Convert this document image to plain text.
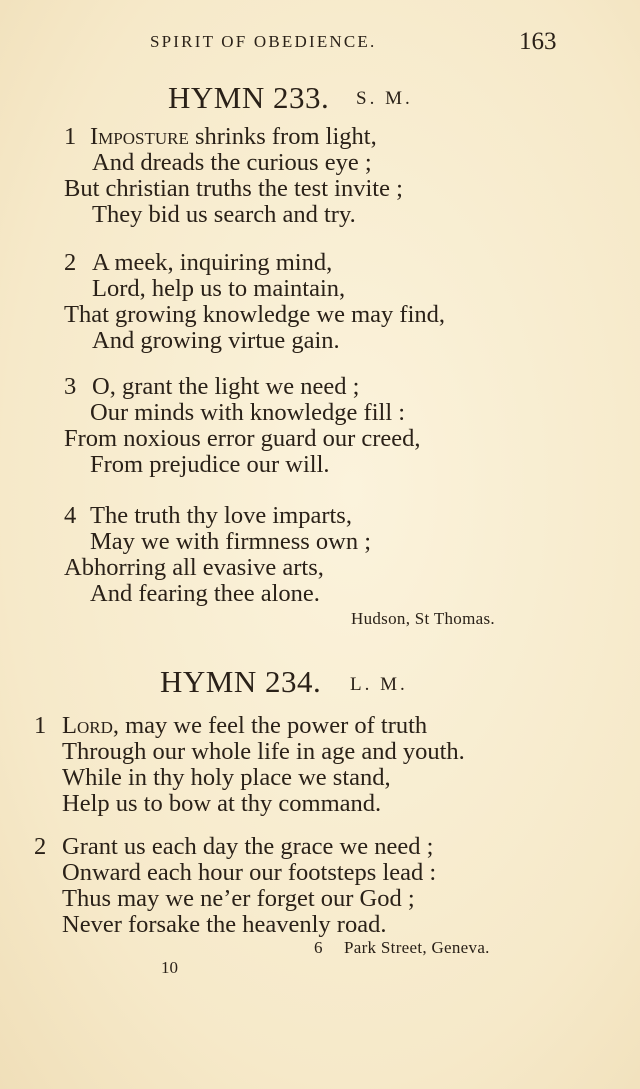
SPIRIT OF OBEDIENCE.	163
HYMN 233. S. M.
1 Imposture shrinks from light,
And dreads the curious eye ;
But christian truths the test invite ;
They bid us search and try.
2 A meek, inquiring mind,
Lord, help us to maintain,
That growing knowledge we may find,
And growing virtue gain.
3 O, grant the light we need ;
Our minds with knowledge fill :
From noxious error guard our creed,
From prejudice our will.
4 The truth thy love imparts,
May we with firmness own ;
Abhorring all evasive arts,
And fearing thee alone.
Hudson, St Thomas.
HYMN 234. L. M.
1 Lord, may we feel the power of truth
Through our whole life in age and youth.
While in thy holy place we stand,
Help us to bow at thy command.
2 Grant us each day the grace we need ;
Onward each hour our footsteps lead :
Thus may we ne’er forget our God ;
Never forsake the heavenly road.
6 Park Street, Geneva.
10
